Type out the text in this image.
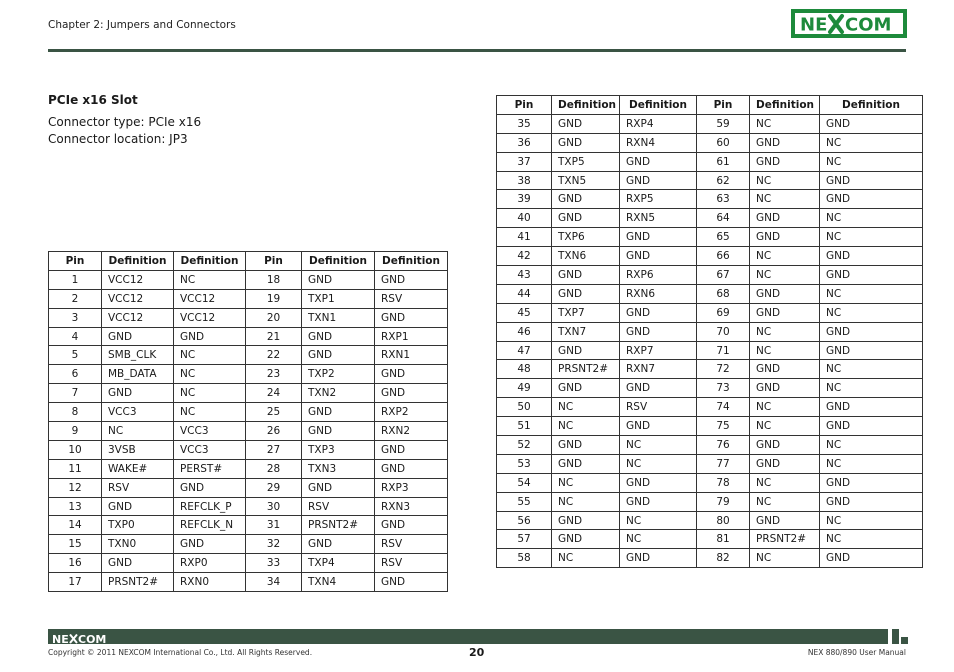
Chapter 2: Jumpers and Connectors	NE COM
PCIe x16 Slot
Connector type: PCIe x16
Connector location: JP3
Pin	Definition	Definition	Pin	Definition	Definition
1	VCC12	NC	18	GND	GND
2	VCC12	VCC12	19	TXP1	RSV
3	VCC12	VCC12	20	TXN1	GND
4	GND	GND	21	GND	RXP1
5	SMB_CLK	NC	22	GND	RXN1
6	MB_DATA	NC	23	TXP2	GND
7	GND	NC	24	TXN2	GND
8	VCC3	NC	25	GND	RXP2
9	NC	VCC3	26	GND	RXN2
10	3VSB	VCC3	27	TXP3	GND
11	WAKE#	PERST#	28	TXN3	GND
12	RSV	GND	29	GND	RXP3
13	GND	REFCLK_P	30	RSV	RXN3
14	TXP0	REFCLK_N	31	PRSNT2#	GND
15	TXN0	GND	32	GND	RSV
16	GND	RXP0	33	TXP4	RSV
17	PRSNT2#	RXN0	34	TXN4	GND
Pin	Definition	Definition	Pin	Definition	Definition
35	GND	RXP4	59	NC	GND
36	GND	RXN4	60	GND	NC
37	TXP5	GND	61	GND	NC
38	TXN5	GND	62	NC	GND
39	GND	RXP5	63	NC	GND
40	GND	RXN5	64	GND	NC
41	TXP6	GND	65	GND	NC
42	TXN6	GND	66	NC	GND
43	GND	RXP6	67	NC	GND
44	GND	RXN6	68	GND	NC
45	TXP7	GND	69	GND	NC
46	TXN7	GND	70	NC	GND
47	GND	RXP7	71	NC	GND
48	PRSNT2#	RXN7	72	GND	NC
49	GND	GND	73	GND	NC
50	NC	RSV	74	NC	GND
51	NC	GND	75	NC	GND
52	GND	NC	76	GND	NC
53	GND	NC	77	GND	NC
54	NC	GND	78	NC	GND
55	NC	GND	79	NC	GND
56	GND	NC	80	GND	NC
57	GND	NC	81	PRSNT2#	NC
58	NC	GND	82	NC	GND
NE COM
Copyright © 2011 NEXCOM International Co., Ltd. All Rights Reserved.	20	NEX 880/890 User Manual
